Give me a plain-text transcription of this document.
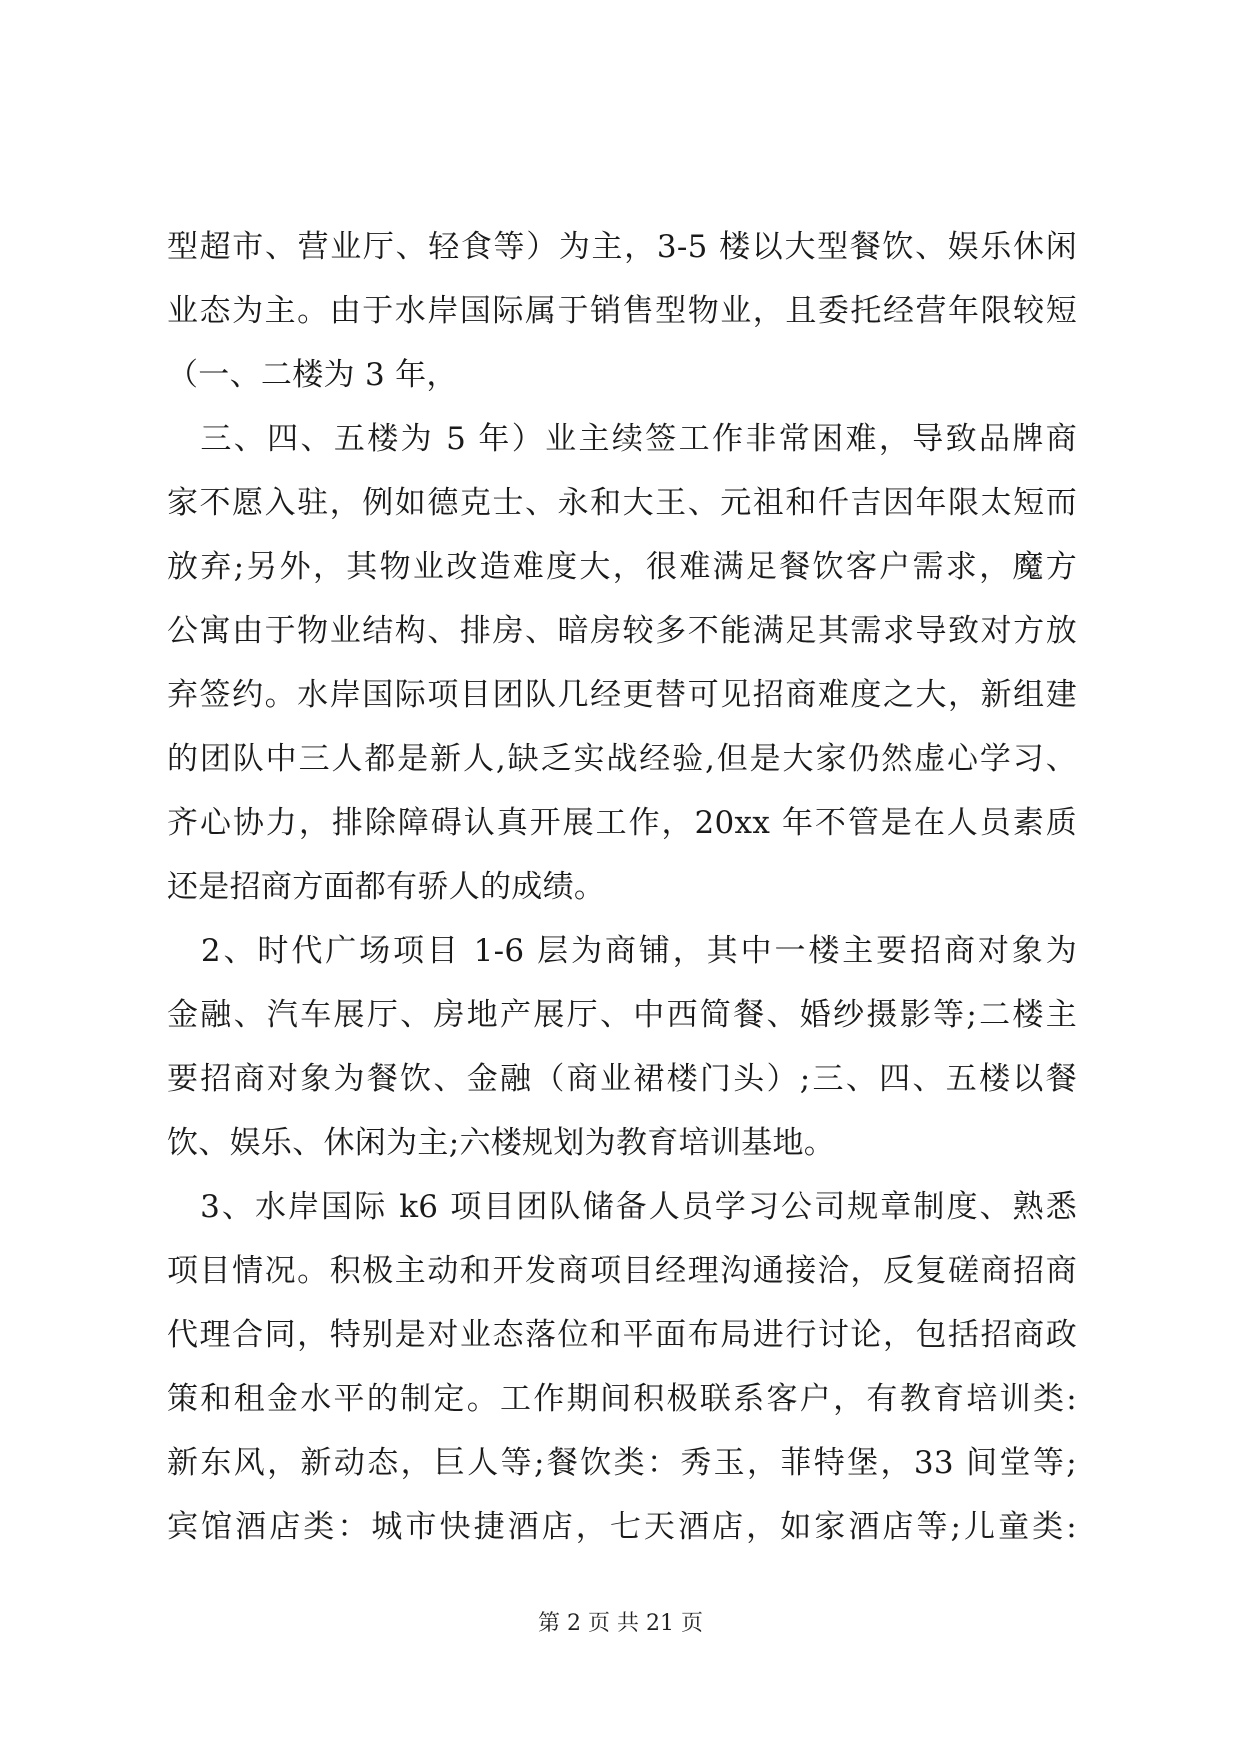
型超市、营业厅、轻食等）为主，3-5 楼以大型餐饮、娱乐休闲
业态为主。由于水岸国际属于销售型物业，且委托经营年限较短
（一、二楼为 3 年，
　三、四、五楼为 5 年）业主续签工作非常困难，导致品牌商
家不愿入驻，例如德克士、永和大王、元祖和仟吉因年限太短而
放弃;另外，其物业改造难度大，很难满足餐饮客户需求，魔方
公寓由于物业结构、排房、暗房较多不能满足其需求导致对方放
弃签约。水岸国际项目团队几经更替可见招商难度之大，新组建
的团队中三人都是新人,缺乏实战经验,但是大家仍然虚心学习、
齐心协力，排除障碍认真开展工作，20xx 年不管是在人员素质
还是招商方面都有骄人的成绩。
　2、时代广场项目 1-6 层为商铺，其中一楼主要招商对象为
金融、汽车展厅、房地产展厅、中西简餐、婚纱摄影等;二楼主
要招商对象为餐饮、金融（商业裙楼门头）;三、四、五楼以餐
饮、娱乐、休闲为主;六楼规划为教育培训基地。
　3、水岸国际 k6 项目团队储备人员学习公司规章制度、熟悉
项目情况。积极主动和开发商项目经理沟通接洽，反复磋商招商
代理合同，特别是对业态落位和平面布局进行讨论，包括招商政
策和租金水平的制定。工作期间积极联系客户，有教育培训类:
新东风，新动态，巨人等;餐饮类：秀玉，菲特堡，33 间堂等;
宾馆酒店类：城市快捷酒店，七天酒店，如家酒店等;儿童类:
第 2 页 共 21 页
